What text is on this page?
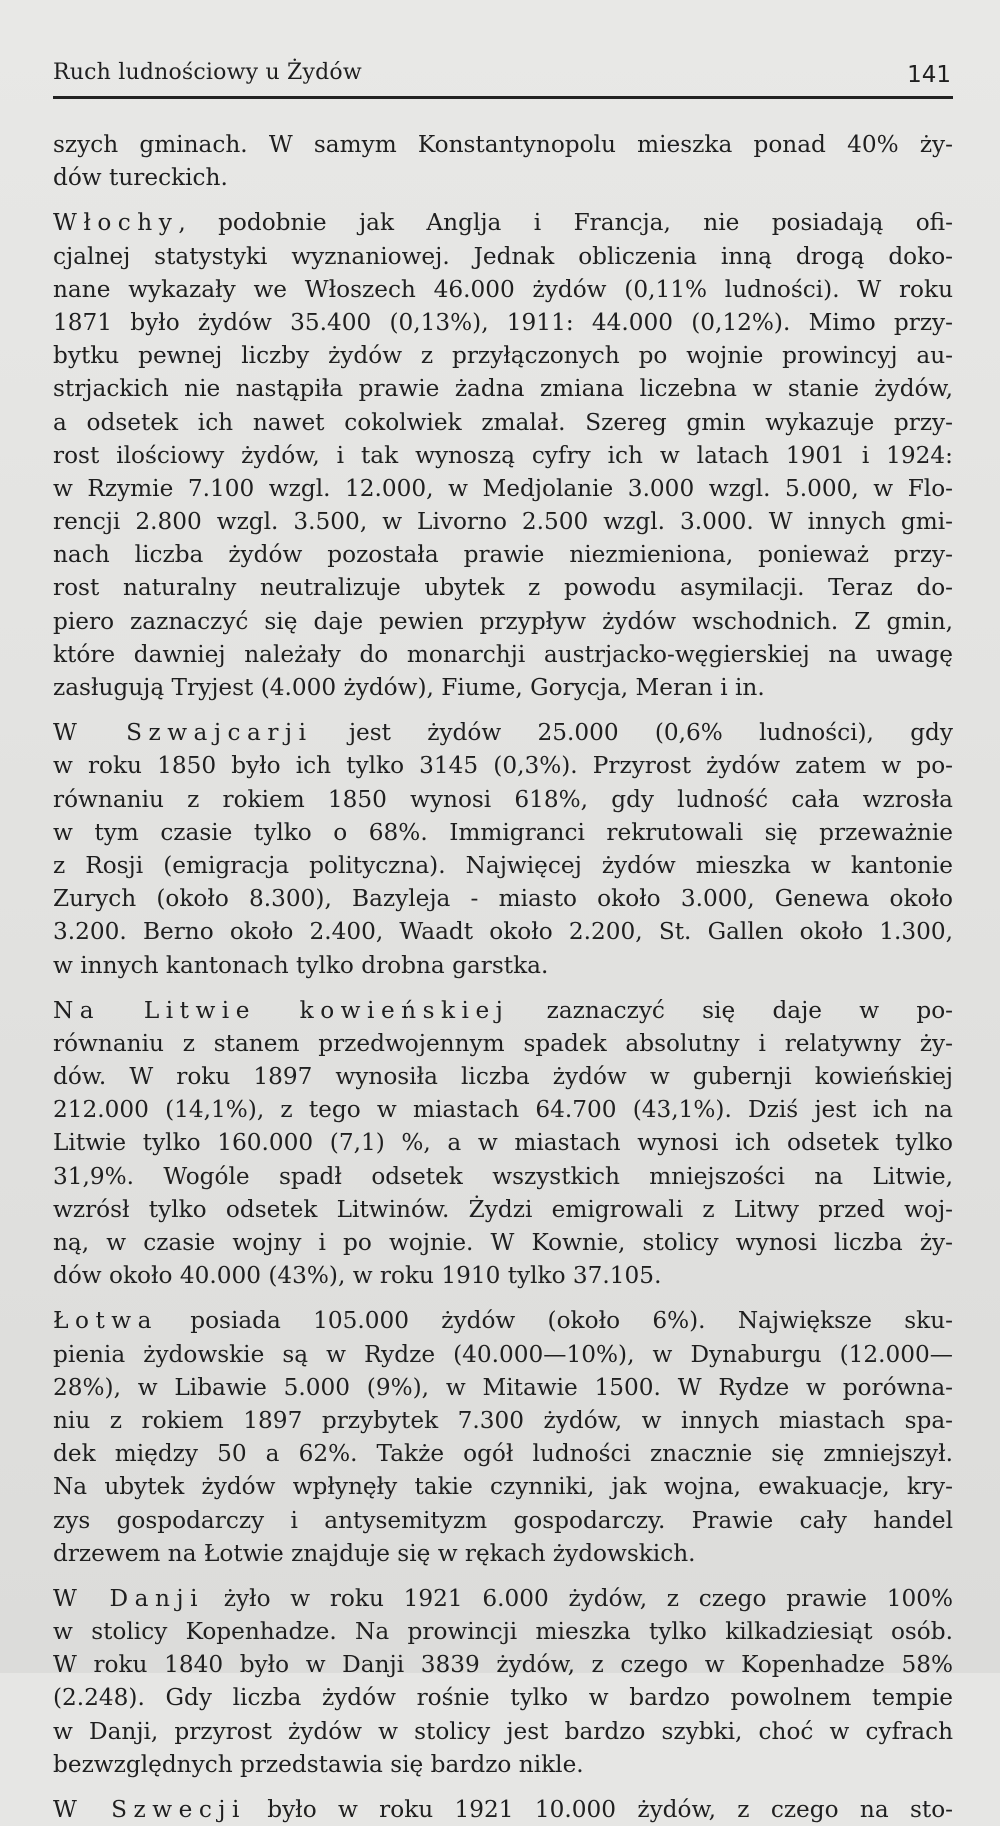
Ruch ludnościowy u Żydów	141
szych gminach. W samym Konstantynopolu mieszka ponad 40% ży-
dów tureckich.
Włochy, podobnie jak Anglja i Francja, nie posiadają ofi-
cjalnej statystyki wyznaniowej. Jednak obliczenia inną drogą doko-
nane wykazały we Włoszech 46.000 żydów (0,11% ludności). W roku
1871 było żydów 35.400 (0,13%), 1911: 44.000 (0,12%). Mimo przy-
bytku pewnej liczby żydów z przyłączonych po wojnie prowincyj au-
strjackich nie nastąpiła prawie żadna zmiana liczebna w stanie żydów,
a odsetek ich nawet cokolwiek zmalał. Szereg gmin wykazuje przy-
rost ilościowy żydów, i tak wynoszą cyfry ich w latach 1901 i 1924:
w Rzymie 7.100 wzgl. 12.000, w Medjolanie 3.000 wzgl. 5.000, w Flo-
rencji 2.800 wzgl. 3.500, w Livorno 2.500 wzgl. 3.000. W innych gmi-
nach liczba żydów pozostała prawie niezmieniona, ponieważ przy-
rost naturalny neutralizuje ubytek z powodu asymilacji. Teraz do-
piero zaznaczyć się daje pewien przypływ żydów wschodnich. Z gmin,
które dawniej należały do monarchji austrjacko-węgierskiej na uwagę
zasługują Tryjest (4.000 żydów), Fiume, Gorycja, Meran i in.
W Szwajcarji jest żydów 25.000 (0,6% ludności), gdy
w roku 1850 było ich tylko 3145 (0,3%). Przyrost żydów zatem w po-
równaniu z rokiem 1850 wynosi 618%, gdy ludność cała wzrosła
w tym czasie tylko o 68%. Immigranci rekrutowali się przeważnie
z Rosji (emigracja polityczna). Najwięcej żydów mieszka w kantonie
Zurych (około 8.300), Bazyleja - miasto około 3.000, Genewa około
3.200. Berno około 2.400, Waadt około 2.200, St. Gallen około 1.300,
w innych kantonach tylko drobna garstka.
Na Litwie kowieńskiej zaznaczyć się daje w po-
równaniu z stanem przedwojennym spadek absolutny i relatywny ży-
dów. W roku 1897 wynosiła liczba żydów w gubernji kowieńskiej
212.000 (14,1%), z tego w miastach 64.700 (43,1%). Dziś jest ich na
Litwie tylko 160.000 (7,1) %, a w miastach wynosi ich odsetek tylko
31,9%. Wogóle spadł odsetek wszystkich mniejszości na Litwie,
wzrósł tylko odsetek Litwinów. Żydzi emigrowali z Litwy przed woj-
ną, w czasie wojny i po wojnie. W Kownie, stolicy wynosi liczba ży-
dów około 40.000 (43%), w roku 1910 tylko 37.105.
Łotwa posiada 105.000 żydów (około 6%). Największe sku-
pienia żydowskie są w Rydze (40.000—10%), w Dynaburgu (12.000—
28%), w Libawie 5.000 (9%), w Mitawie 1500. W Rydze w porówna-
niu z rokiem 1897 przybytek 7.300 żydów, w innych miastach spa-
dek między 50 a 62%. Także ogół ludności znacznie się zmniejszył.
Na ubytek żydów wpłynęły takie czynniki, jak wojna, ewakuacje, kry-
zys gospodarczy i antysemityzm gospodarczy. Prawie cały handel
drzewem na Łotwie znajduje się w rękach żydowskich.
W Danji żyło w roku 1921 6.000 żydów, z czego prawie 100%
w stolicy Kopenhadze. Na prowincji mieszka tylko kilkadziesiąt osób.
W roku 1840 było w Danji 3839 żydów, z czego w Kopenhadze 58%
(2.248). Gdy liczba żydów rośnie tylko w bardzo powolnem tempie
w Danji, przyrost żydów w stolicy jest bardzo szybki, choć w cyfrach
bezwzględnych przedstawia się bardzo nikle.
W Szwecji było w roku 1921 10.000 żydów, z czego na sto-
